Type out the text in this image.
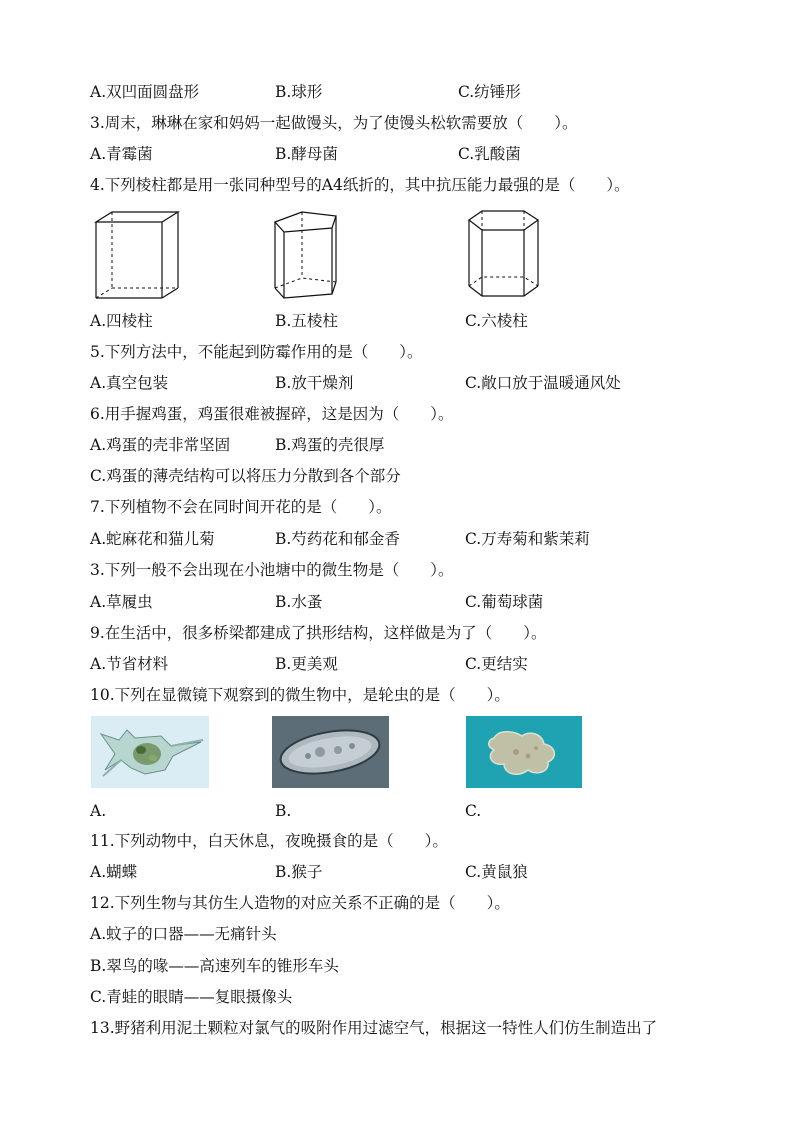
A.双凹面圆盘形	B.球形	C.纺锤形
3.周末，琳琳在家和妈妈一起做馒头，为了使馒头松软需要放（　　）。
A.青霉菌	B.酵母菌	C.乳酸菌
4.下列棱柱都是用一张同种型号的A4纸折的，其中抗压能力最强的是（　　）。
A.四棱柱	B.五棱柱	C.六棱柱
5.下列方法中，不能起到防霉作用的是（　　）。
A.真空包装	B.放干燥剂	C.敞口放于温暖通风处
6.用手握鸡蛋，鸡蛋很难被握碎，这是因为（　　）。
A.鸡蛋的壳非常坚固	B.鸡蛋的壳很厚
C.鸡蛋的薄壳结构可以将压力分散到各个部分
7.下列植物不会在同时间开花的是（　　）。
A.蛇麻花和猫儿菊	B.芍药花和郁金香	C.万寿菊和紫茉莉
3.下列一般不会出现在小池塘中的微生物是（　　）。
A.草履虫	B.水蚤	C.葡萄球菌
9.在生活中，很多桥梁都建成了拱形结构，这样做是为了（　　）。
A.节省材料	B.更美观	C.更结实
10.下列在显微镜下观察到的微生物中，是轮虫的是（　　）。
A.	B.	C.
11.下列动物中，白天休息，夜晚摄食的是（　　）。
A.蝴蝶	B.猴子	C.黄鼠狼
12.下列生物与其仿生人造物的对应关系不正确的是（　　）。
A.蚊子的口器——无痛针头
B.翠鸟的喙——高速列车的锥形车头
C.青蛙的眼睛——复眼摄像头
13.野猪利用泥土颗粒对氯气的吸附作用过滤空气，根据这一特性人们仿生制造出了
